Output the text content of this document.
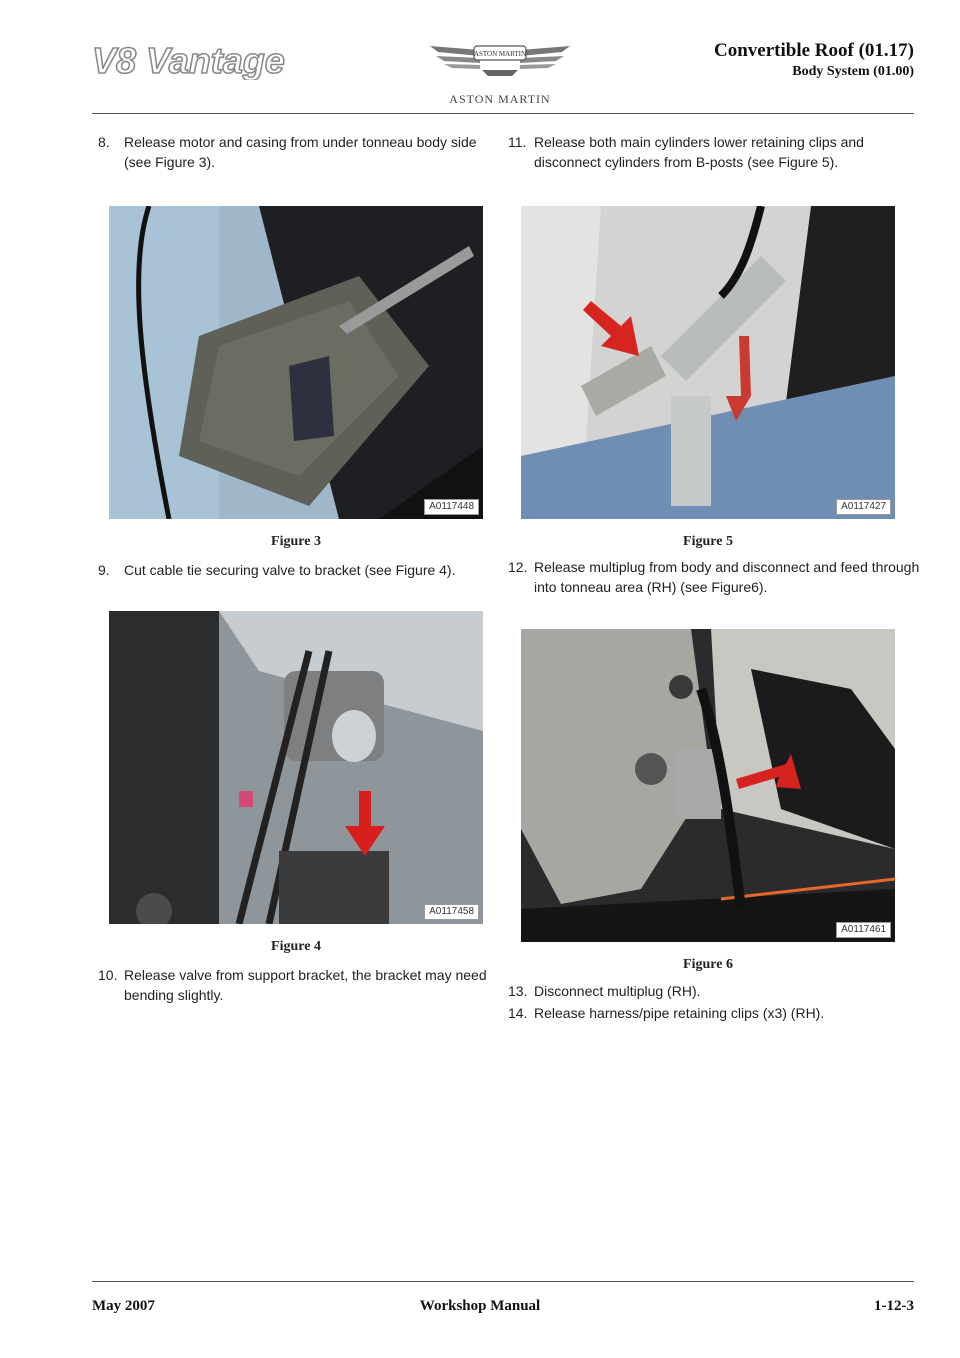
V8 Vantage	ASTON MARTIN
ASTON MARTIN
Convertible Roof (01.17)
Body System (01.00)
8. Release motor and casing from under tonneau body side (see Figure 3).
A0117448
Figure 3
9. Cut cable tie securing valve to bracket (see Figure 4).
A0117458
Figure 4
10. Release valve from support bracket, the bracket may need bending slightly.
11. Release both main cylinders lower retaining clips and disconnect cylinders from B-posts (see Figure 5).
A0117427
Figure 5
12. Release multiplug from body and disconnect and feed through into tonneau area (RH) (see Figure6).
A0117461
Figure 6
13. Disconnect multiplug (RH).
14. Release harness/pipe retaining clips (x3) (RH).
May 2007	Workshop Manual	1-12-3
